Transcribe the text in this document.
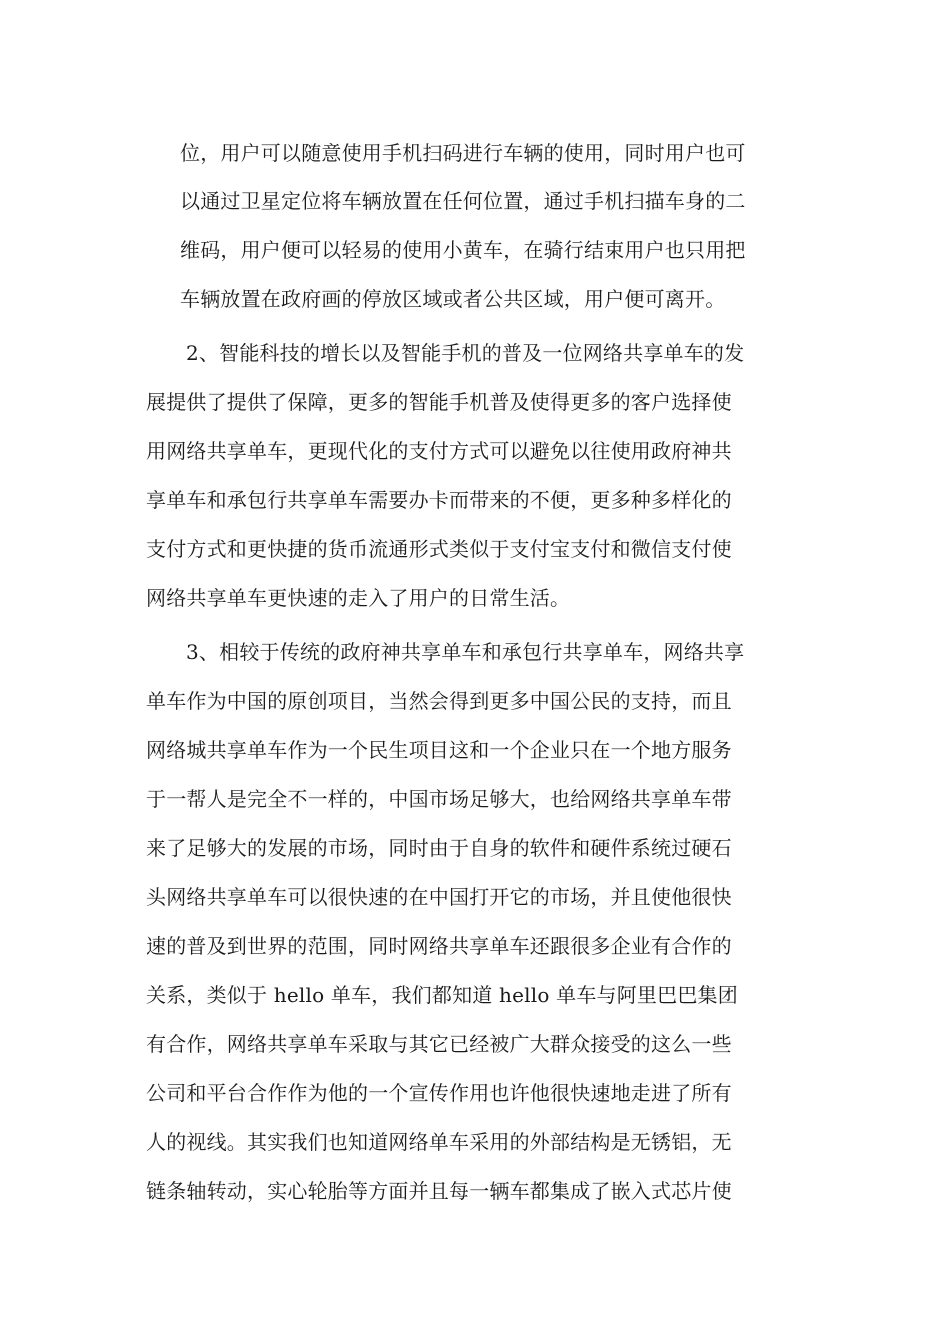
位，用户可以随意使用手机扫码进行车辆的使用，同时用户也可

以通过卫星定位将车辆放置在任何位置，通过手机扫描车身的二

维码，用户便可以轻易的使用小黄车，在骑行结束用户也只用把

车辆放置在政府画的停放区域或者公共区域，用户便可离开。

2、智能科技的增长以及智能手机的普及一位网络共享单车的发

展提供了提供了保障，更多的智能手机普及使得更多的客户选择使

用网络共享单车，更现代化的支付方式可以避免以往使用政府神共

享单车和承包行共享单车需要办卡而带来的不便，更多种多样化的

支付方式和更快捷的货币流通形式类似于支付宝支付和微信支付使

网络共享单车更快速的走入了用户的日常生活。

3、相较于传统的政府神共享单车和承包行共享单车，网络共享

单车作为中国的原创项目，当然会得到更多中国公民的支持，而且

网络城共享单车作为一个民生项目这和一个企业只在一个地方服务

于一帮人是完全不一样的，中国市场足够大，也给网络共享单车带

来了足够大的发展的市场，同时由于自身的软件和硬件系统过硬石

头网络共享单车可以很快速的在中国打开它的市场，并且使他很快

速的普及到世界的范围，同时网络共享单车还跟很多企业有合作的

关系，类似于 hello 单车，我们都知道 hello 单车与阿里巴巴集团

有合作，网络共享单车采取与其它已经被广大群众接受的这么一些

公司和平台合作作为他的一个宣传作用也许他很快速地走进了所有

人的视线。其实我们也知道网络单车采用的外部结构是无锈铝，无

链条轴转动，实心轮胎等方面并且每一辆车都集成了嵌入式芯片使
